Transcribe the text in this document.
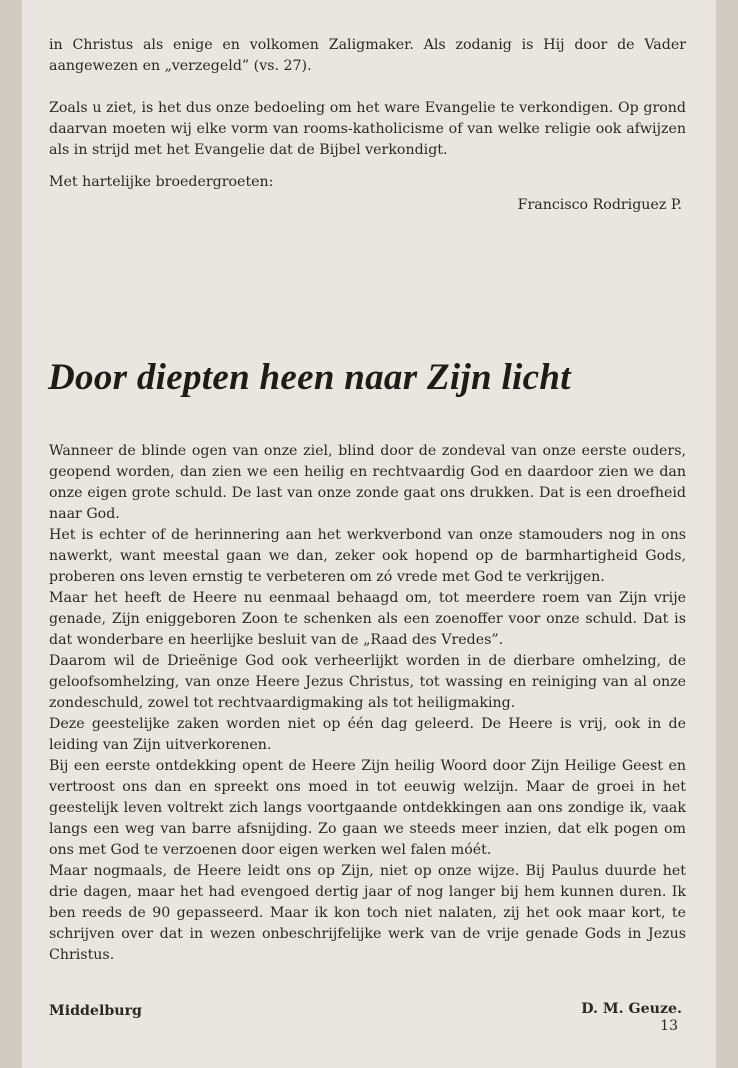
in Christus als enige en volkomen Zaligmaker. Als zodanig is Hij door de Vader aangewezen en „verzegeld” (vs. 27).

Zoals u ziet, is het dus onze bedoeling om het ware Evangelie te verkondigen. Op grond daarvan moeten wij elke vorm van rooms-katholicisme of van welke religie ook afwijzen als in strijd met het Evangelie dat de Bijbel verkondigt.

Met hartelijke broedergroeten:

Francisco Rodriguez P.
Door diepten heen naar Zijn licht
Wanneer de blinde ogen van onze ziel, blind door de zondeval van onze eerste ouders, geopend worden, dan zien we een heilig en rechtvaardig God en daardoor zien we dan onze eigen grote schuld. De last van onze zonde gaat ons drukken. Dat is een droefheid naar God.
Het is echter of de herinnering aan het werkverbond van onze stamouders nog in ons nawerkt, want meestal gaan we dan, zeker ook hopend op de barmhartigheid Gods, proberen ons leven ernstig te verbeteren om zó vrede met God te verkrijgen.
Maar het heeft de Heere nu eenmaal behaagd om, tot meerdere roem van Zijn vrije genade, Zijn eniggeboren Zoon te schenken als een zoenoffer voor onze schuld. Dat is dat wonderbare en heerlijke besluit van de „Raad des Vredes”.
Daarom wil de Drieënige God ook verheerlijkt worden in de dierbare omhelzing, de geloofsomhelzing, van onze Heere Jezus Christus, tot wassing en reiniging van al onze zondeschuld, zowel tot rechtvaardigmaking als tot heiligmaking.
Deze geestelijke zaken worden niet op één dag geleerd. De Heere is vrij, ook in de leiding van Zijn uitverkorenen.
Bij een eerste ontdekking opent de Heere Zijn heilig Woord door Zijn Heilige Geest en vertroost ons dan en spreekt ons moed in tot eeuwig welzijn. Maar de groei in het geestelijk leven voltrekt zich langs voortgaande ontdekkingen aan ons zondige ik, vaak langs een weg van barre afsnijding. Zo gaan we steeds meer inzien, dat elk pogen om ons met God te verzoenen door eigen werken wel falen móét.
Maar nogmaals, de Heere leidt ons op Zijn, niet op onze wijze. Bij Paulus duurde het drie dagen, maar het had evengoed dertig jaar of nog langer bij hem kunnen duren. Ik ben reeds de 90 gepasseerd. Maar ik kon toch niet nalaten, zij het ook maar kort, te schrijven over dat in wezen onbeschrijfelijke werk van de vrije genade Gods in Jezus Christus.
Middelburg	D. M. Geuze.
13
